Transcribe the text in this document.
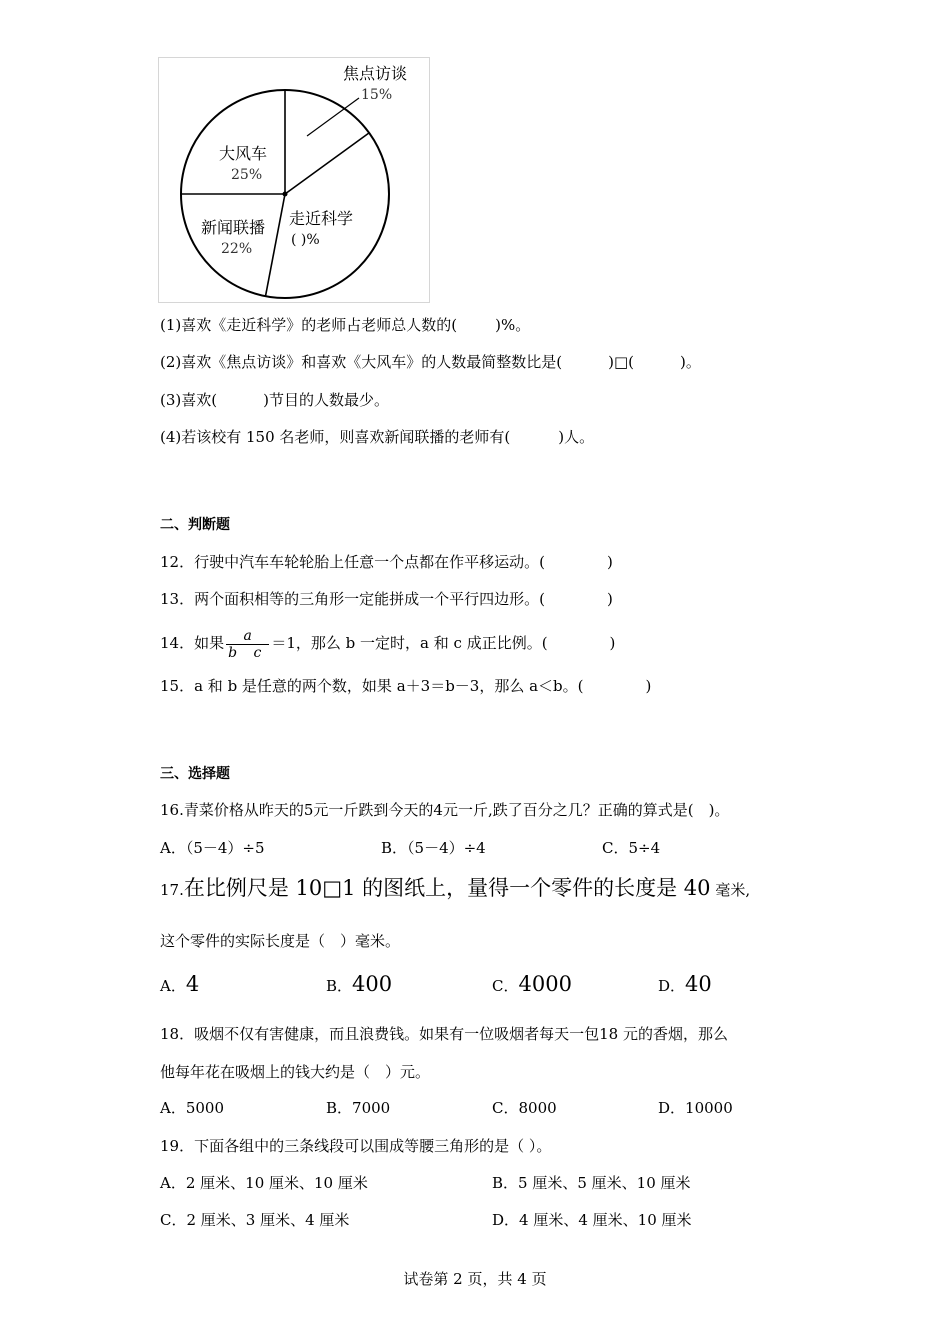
焦点访谈
15%
走近科学
( )%
新闻联播
22%
大风车
25%
(1)喜欢《走近科学》的老师占老师总人数的(	)%。
(2)喜欢《焦点访谈》和喜欢《大风车》的人数最简整数比是(	)□(	)。
(3)喜欢(	)节目的人数最少。
(4)若该校有 150 名老师，则喜欢新闻联播的老师有(	)人。
二、判断题
12．行驶中汽车车轮轮胎上任意一个点都在作平移运动。(	)
13．两个面积相等的三角形一定能拼成一个平行四边形。(	)
14．如果 $\frac{a}{\text{b c}} =1$，那么 b 一定时，a 和 c 成正比例。(	)
15．a 和 b 是任意的两个数，如果 a＋3＝b－3，那么 a＜b。(	)
三、选择题
16.青菜价格从昨天的5元一斤跌到今天的4元一斤,跌了百分之几？正确的算式是(　)。
A．（5－4）÷5	B．（5－4）÷4	C．5÷4
17.在比例尺是 10□1 的图纸上，量得一个零件的长度是 40 毫米,
这个零件的实际长度是（　）毫米。
A．4	B．400	C．4000	D．40
18．吸烟不仅有害健康，而且浪费钱。如果有一位吸烟者每天一包18 元的香烟，那么
他每年花在吸烟上的钱大约是（　）元。
A．5000	B．7000	C．8000	D．10000
19．下面各组中的三条线段可以围成等腰三角形的是（ ）。
A．2 厘米、10 厘米、10 厘米	B．5 厘米、5 厘米、10 厘米
C．2 厘米、3 厘米、4 厘米	D．4 厘米、4 厘米、10 厘米
试卷第 2 页，共 4 页
